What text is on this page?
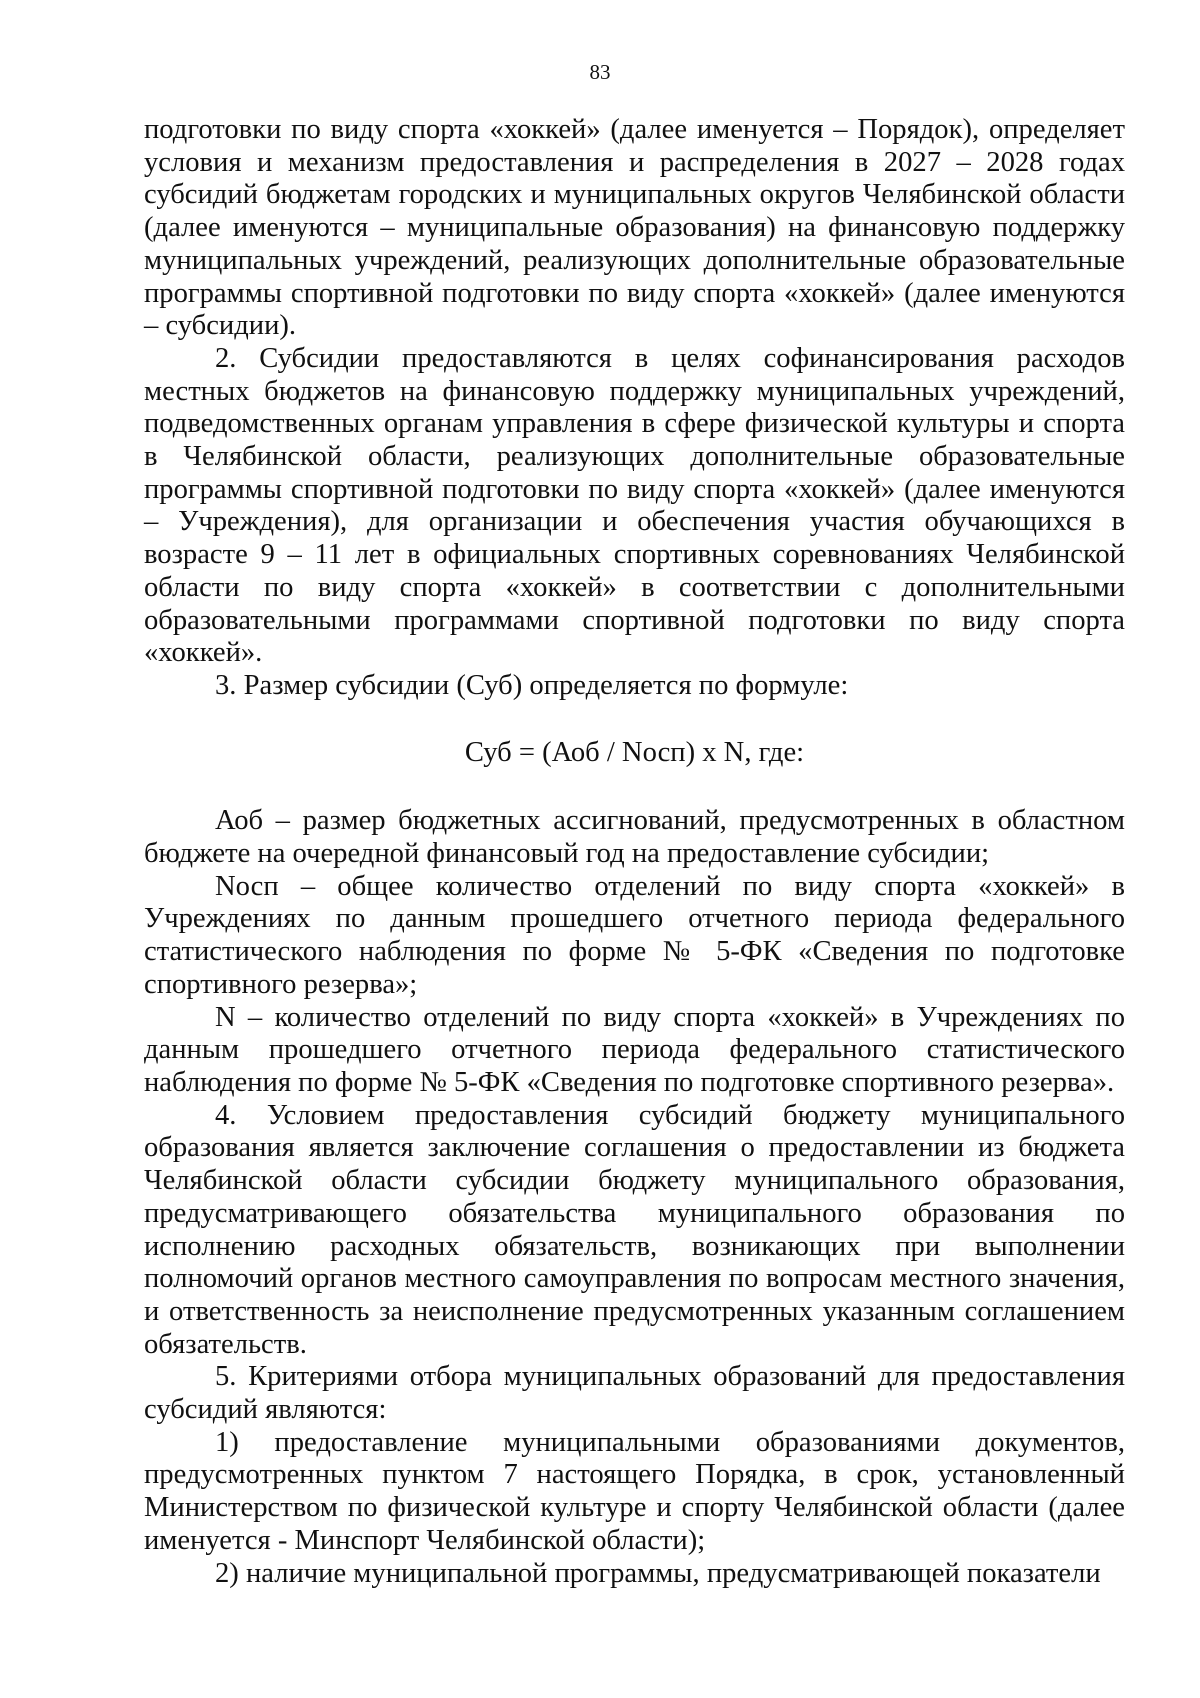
83

подготовки по виду спорта «хоккей» (далее именуется – Порядок), определяет условия и механизм предоставления и распределения в 2027 – 2028 годах субсидий бюджетам городских и муниципальных округов Челябинской области (далее именуются – муниципальные образования) на финансовую поддержку муниципальных учреждений, реализующих дополнительные образовательные программы спортивной подготовки по виду спорта «хоккей» (далее именуются – субсидии).

2. Субсидии предоставляются в целях софинансирования расходов местных бюджетов на финансовую поддержку муниципальных учреждений, подведомственных органам управления в сфере физической культуры и спорта в Челябинской области, реализующих дополнительные образовательные программы спортивной подготовки по виду спорта «хоккей» (далее именуются – Учреждения), для организации и обеспечения участия обучающихся в возрасте 9 – 11 лет в официальных спортивных соревнованиях Челябинской области по виду спорта «хоккей» в соответствии с дополнительными образовательными программами спортивной подготовки по виду спорта «хоккей».

3. Размер субсидии (Суб) определяется по формуле:

Суб = (Аоб / Nосп) x N, где:

Аоб – размер бюджетных ассигнований, предусмотренных в областном бюджете на очередной финансовый год на предоставление субсидии;

Nосп – общее количество отделений по виду спорта «хоккей» в Учреждениях по данным прошедшего отчетного периода федерального статистического наблюдения по форме № 5-ФК «Сведения по подготовке спортивного резерва»;

N – количество отделений по виду спорта «хоккей» в Учреждениях по данным прошедшего отчетного периода федерального статистического наблюдения по форме № 5-ФК «Сведения по подготовке спортивного резерва».

4. Условием предоставления субсидий бюджету муниципального образования является заключение соглашения о предоставлении из бюджета Челябинской области субсидии бюджету муниципального образования, предусматривающего обязательства муниципального образования по исполнению расходных обязательств, возникающих при выполнении полномочий органов местного самоуправления по вопросам местного значения, и ответственность за неисполнение предусмотренных указанным соглашением обязательств.

5. Критериями отбора муниципальных образований для предоставления субсидий являются:

1) предоставление муниципальными образованиями документов, предусмотренных пунктом 7 настоящего Порядка, в срок, установленный Министерством по физической культуре и спорту Челябинской области (далее именуется - Минспорт Челябинской области);

2) наличие муниципальной программы, предусматривающей показатели
